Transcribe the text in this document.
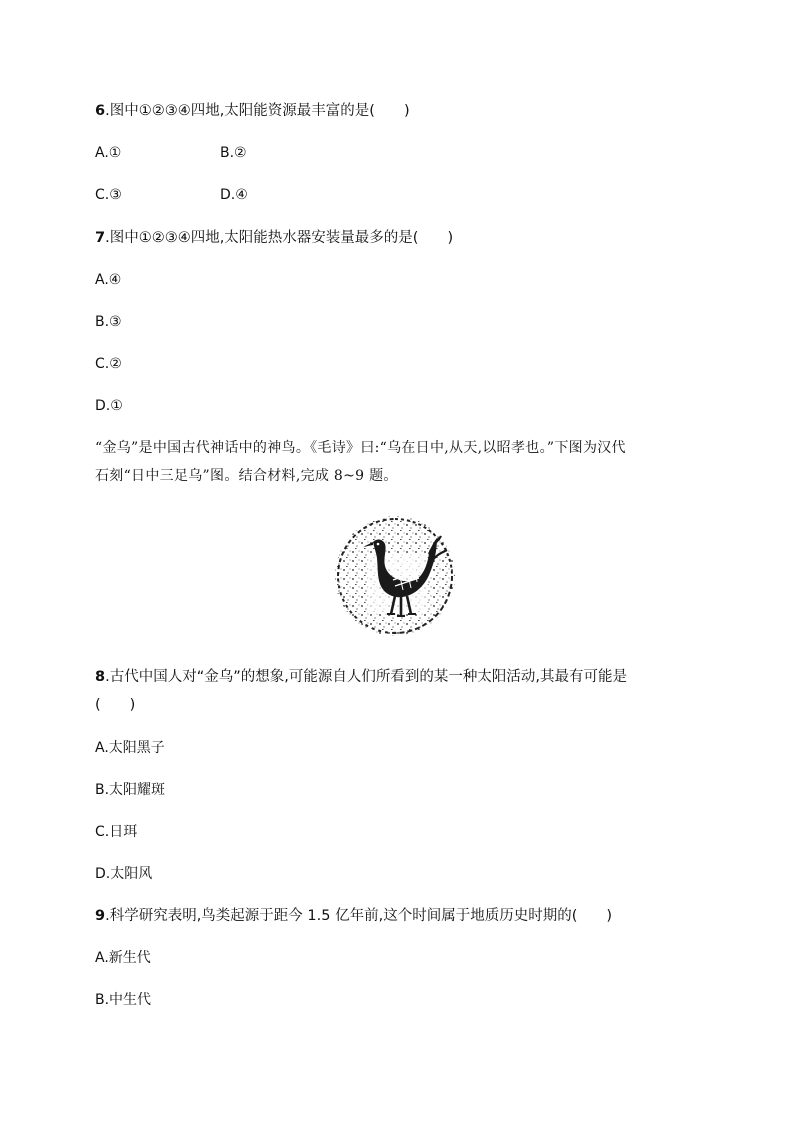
6.图中①②③④四地,太阳能资源最丰富的是(　　)
A.①	B.②
C.③	D.④
7.图中①②③④四地,太阳能热水器安装量最多的是(　　)
A.④
B.③
C.②
D.①
“金乌”是中国古代神话中的神鸟。《毛诗》曰:“乌在日中,从天,以昭孝也。”下图为汉代
石刻“日中三足乌”图。结合材料,完成 8~9 题。
8.古代中国人对“金乌”的想象,可能源自人们所看到的某一种太阳活动,其最有可能是
(　　)
A.太阳黑子
B.太阳耀斑
C.日珥
D.太阳风
9.科学研究表明,鸟类起源于距今 1.5 亿年前,这个时间属于地质历史时期的(　　)
A.新生代
B.中生代
